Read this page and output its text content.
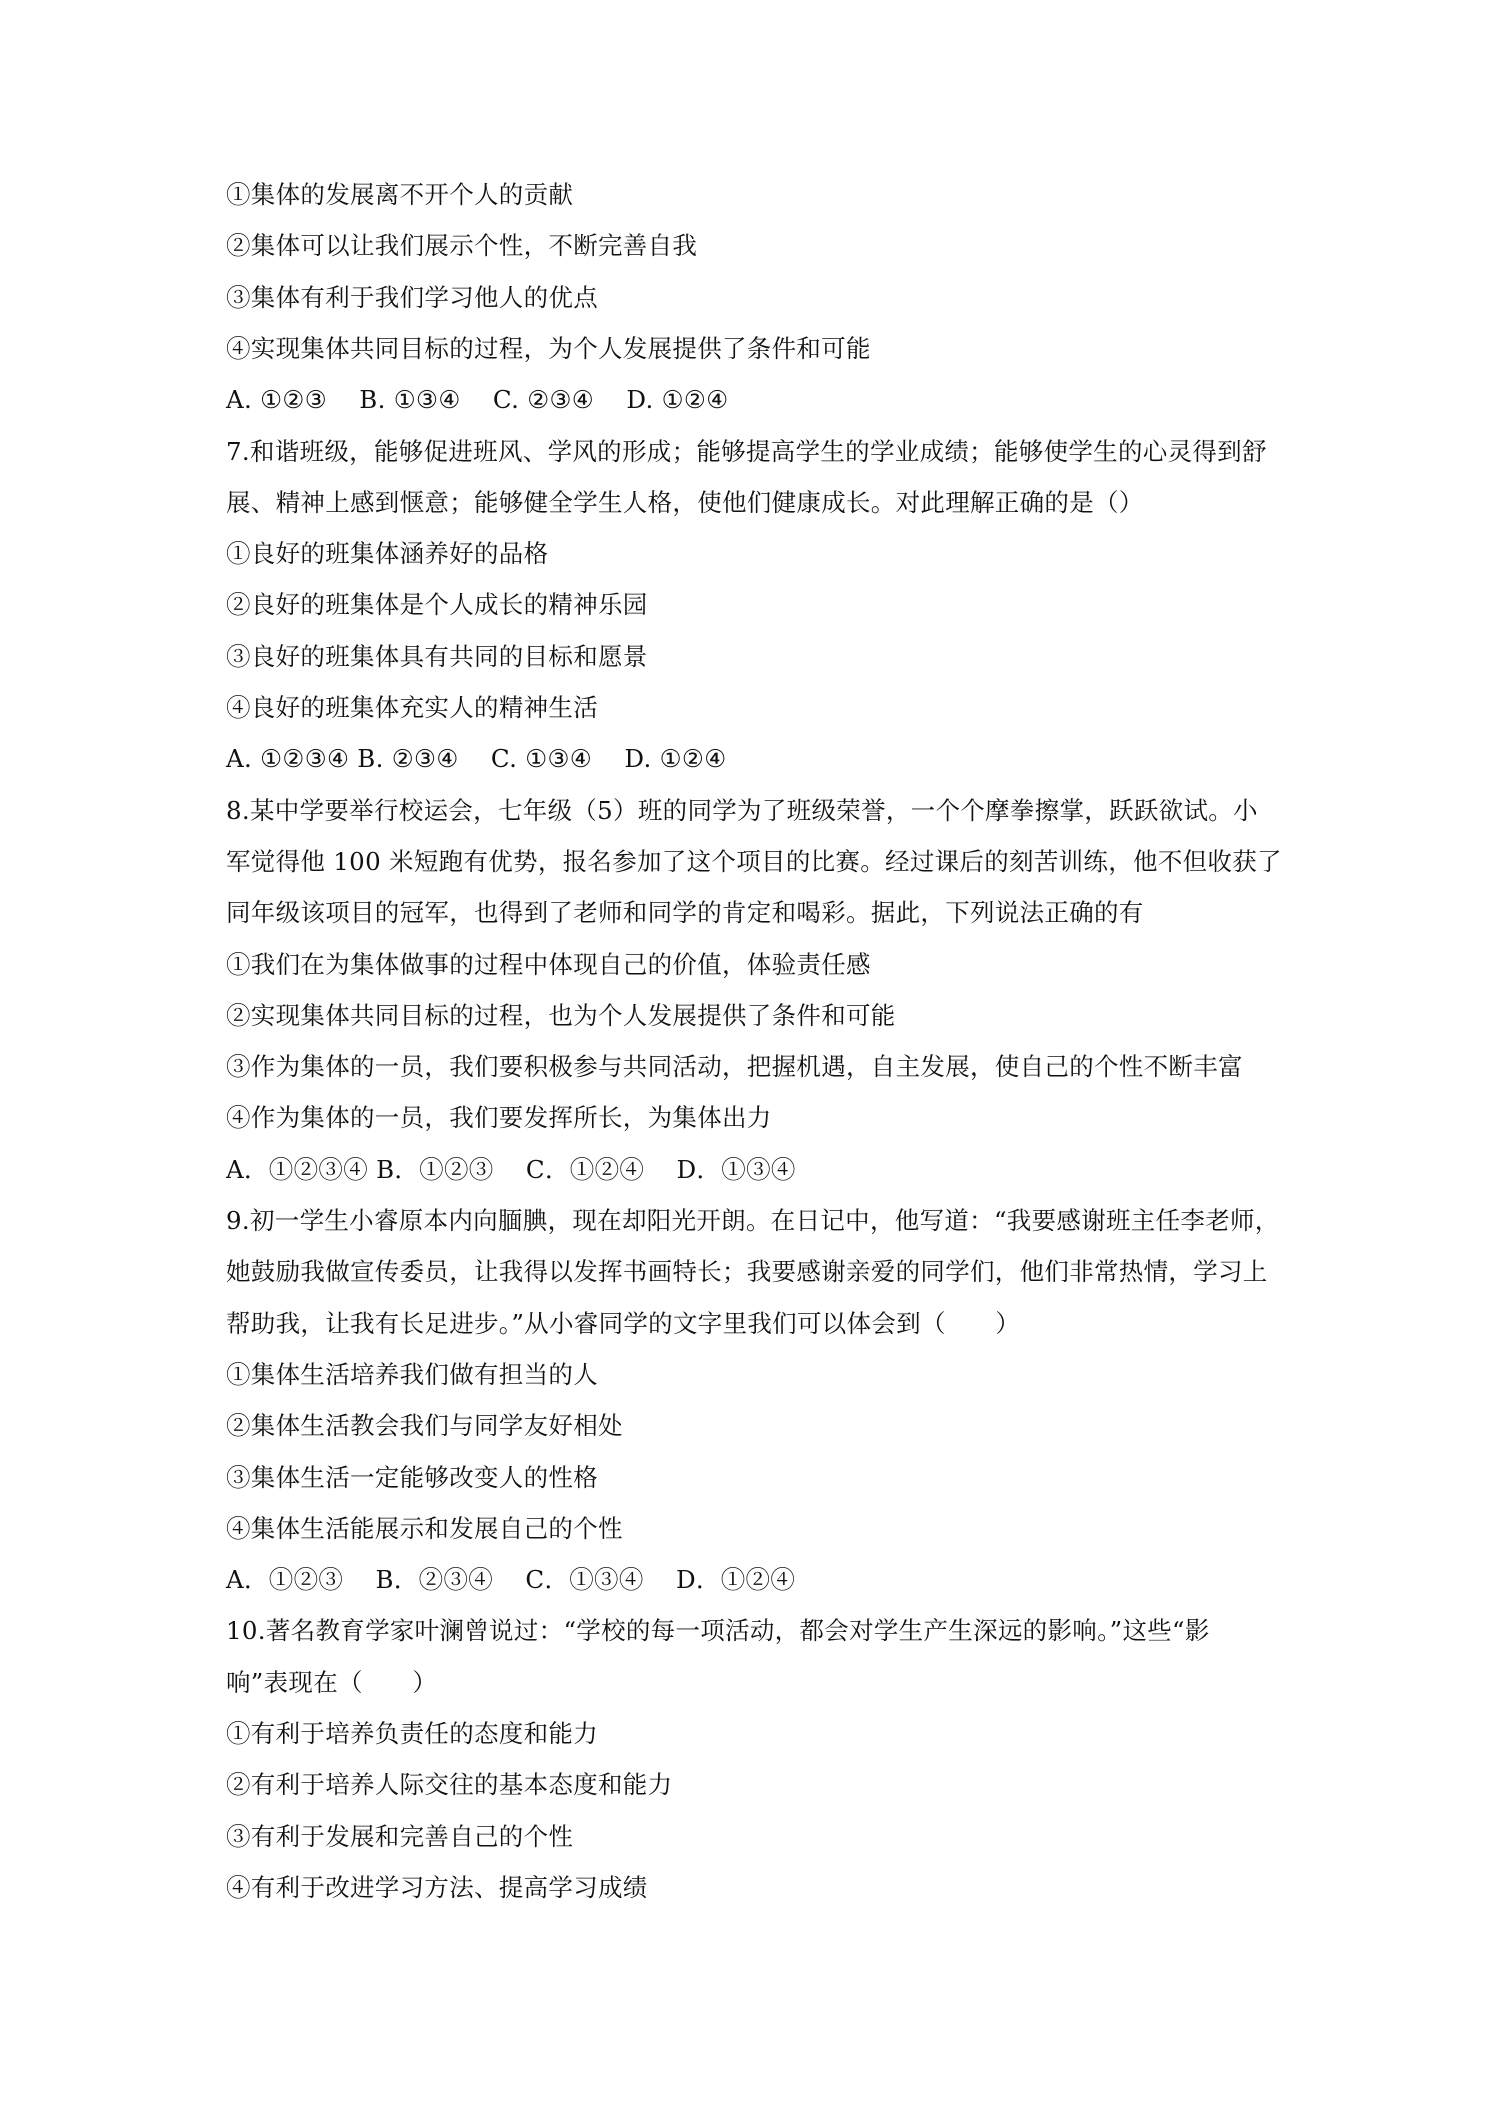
①集体的发展离不开个人的贡献
②集体可以让我们展示个性，不断完善自我
③集体有利于我们学习他人的优点
④实现集体共同目标的过程，为个人发展提供了条件和可能
A. ①②③    B. ①③④    C. ②③④    D. ①②④
7.和谐班级，能够促进班风、学风的形成；能够提高学生的学业成绩；能够使学生的心灵得到舒
展、精神上感到惬意；能够健全学生人格，使他们健康成长。对此理解正确的是（）
①良好的班集体涵养好的品格
②良好的班集体是个人成长的精神乐园
③良好的班集体具有共同的目标和愿景
④良好的班集体充实人的精神生活
A. ①②③④ B. ②③④    C. ①③④    D. ①②④
8.某中学要举行校运会，七年级（5）班的同学为了班级荣誉，一个个摩拳擦掌，跃跃欲试。小
军觉得他 100 米短跑有优势，报名参加了这个项目的比赛。经过课后的刻苦训练，他不但收获了
同年级该项目的冠军，也得到了老师和同学的肯定和喝彩。据此，下列说法正确的有
①我们在为集体做事的过程中体现自己的价值，体验责任感
②实现集体共同目标的过程，也为个人发展提供了条件和可能
③作为集体的一员，我们要积极参与共同活动，把握机遇，自主发展，使自己的个性不断丰富
④作为集体的一员，我们要发挥所长，为集体出力
A．①②③④ B．①②③    C．①②④    D．①③④
9.初一学生小睿原本内向腼腆，现在却阳光开朗。在日记中，他写道：“我要感谢班主任李老师，
她鼓励我做宣传委员，让我得以发挥书画特长；我要感谢亲爱的同学们，他们非常热情，学习上
帮助我，让我有长足进步。”从小睿同学的文字里我们可以体会到（　　）
①集体生活培养我们做有担当的人
②集体生活教会我们与同学友好相处
③集体生活一定能够改变人的性格
④集体生活能展示和发展自己的个性
A．①②③    B．②③④    C．①③④    D．①②④
10.著名教育学家叶澜曾说过：“学校的每一项活动，都会对学生产生深远的影响。”这些“影
响”表现在（　　）
①有利于培养负责任的态度和能力
②有利于培养人际交往的基本态度和能力
③有利于发展和完善自己的个性
④有利于改进学习方法、提高学习成绩
